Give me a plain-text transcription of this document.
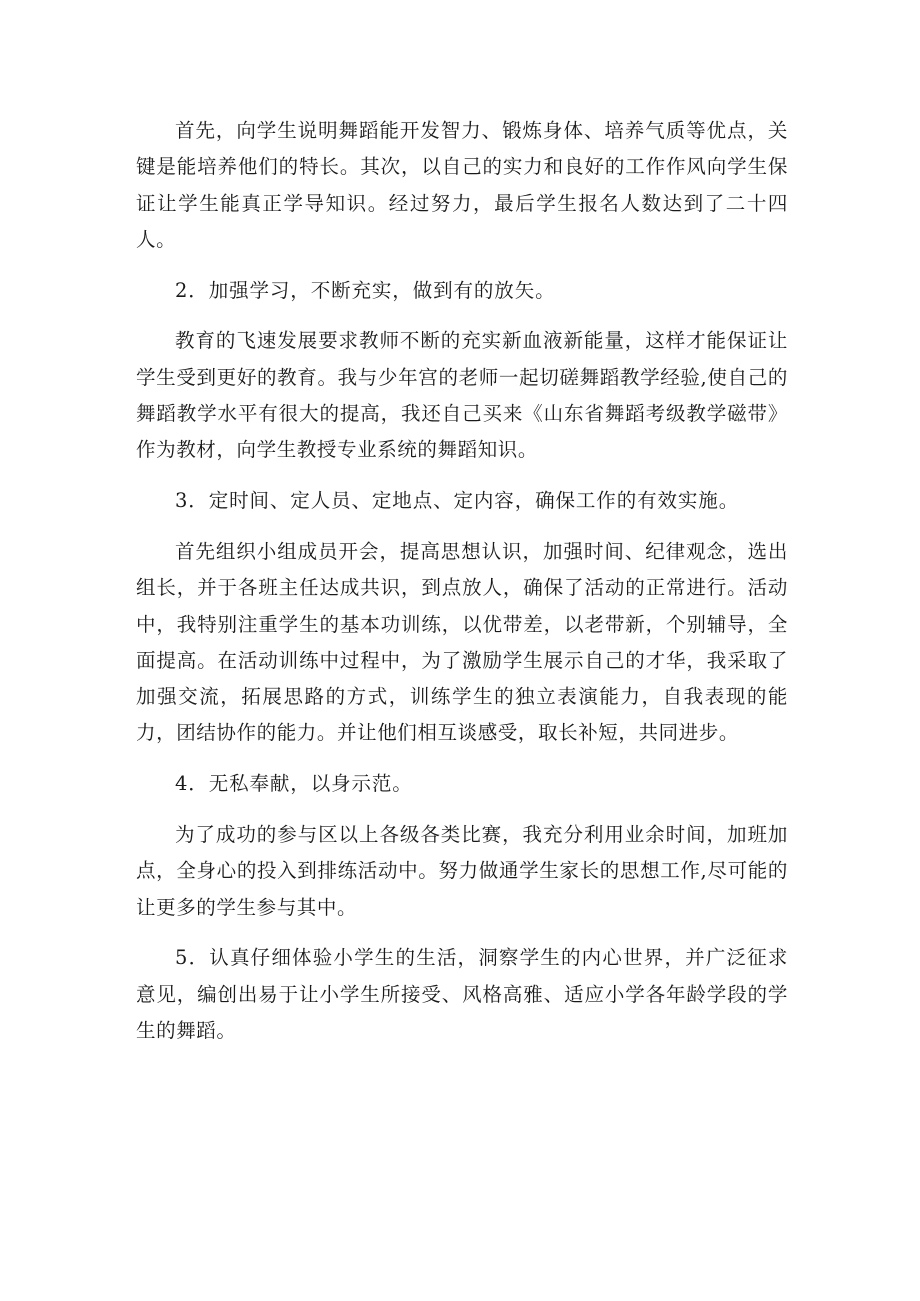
首先，向学生说明舞蹈能开发智力、锻炼身体、培养气质等优点，关键是能培养他们的特长。其次，以自己的实力和良好的工作作风向学生保证让学生能真正学导知识。经过努力，最后学生报名人数达到了二十四人。

2．加强学习，不断充实，做到有的放矢。

教育的飞速发展要求教师不断的充实新血液新能量，这样才能保证让学生受到更好的教育。我与少年宫的老师一起切磋舞蹈教学经验,使自己的舞蹈教学水平有很大的提高，我还自己买来《山东省舞蹈考级教学磁带》作为教材，向学生教授专业系统的舞蹈知识。

3．定时间、定人员、定地点、定内容，确保工作的有效实施。

首先组织小组成员开会，提高思想认识，加强时间、纪律观念，选出组长，并于各班主任达成共识，到点放人，确保了活动的正常进行。活动中，我特别注重学生的基本功训练，以优带差，以老带新，个别辅导，全面提高。在活动训练中过程中，为了激励学生展示自己的才华，我采取了加强交流，拓展思路的方式，训练学生的独立表演能力，自我表现的能力，团结协作的能力。并让他们相互谈感受，取长补短，共同进步。

4．无私奉献，以身示范。

为了成功的参与区以上各级各类比赛，我充分利用业余时间，加班加点，全身心的投入到排练活动中。努力做通学生家长的思想工作,尽可能的让更多的学生参与其中。

5．认真仔细体验小学生的生活，洞察学生的内心世界，并广泛征求意见，编创出易于让小学生所接受、风格高雅、适应小学各年龄学段的学生的舞蹈。
